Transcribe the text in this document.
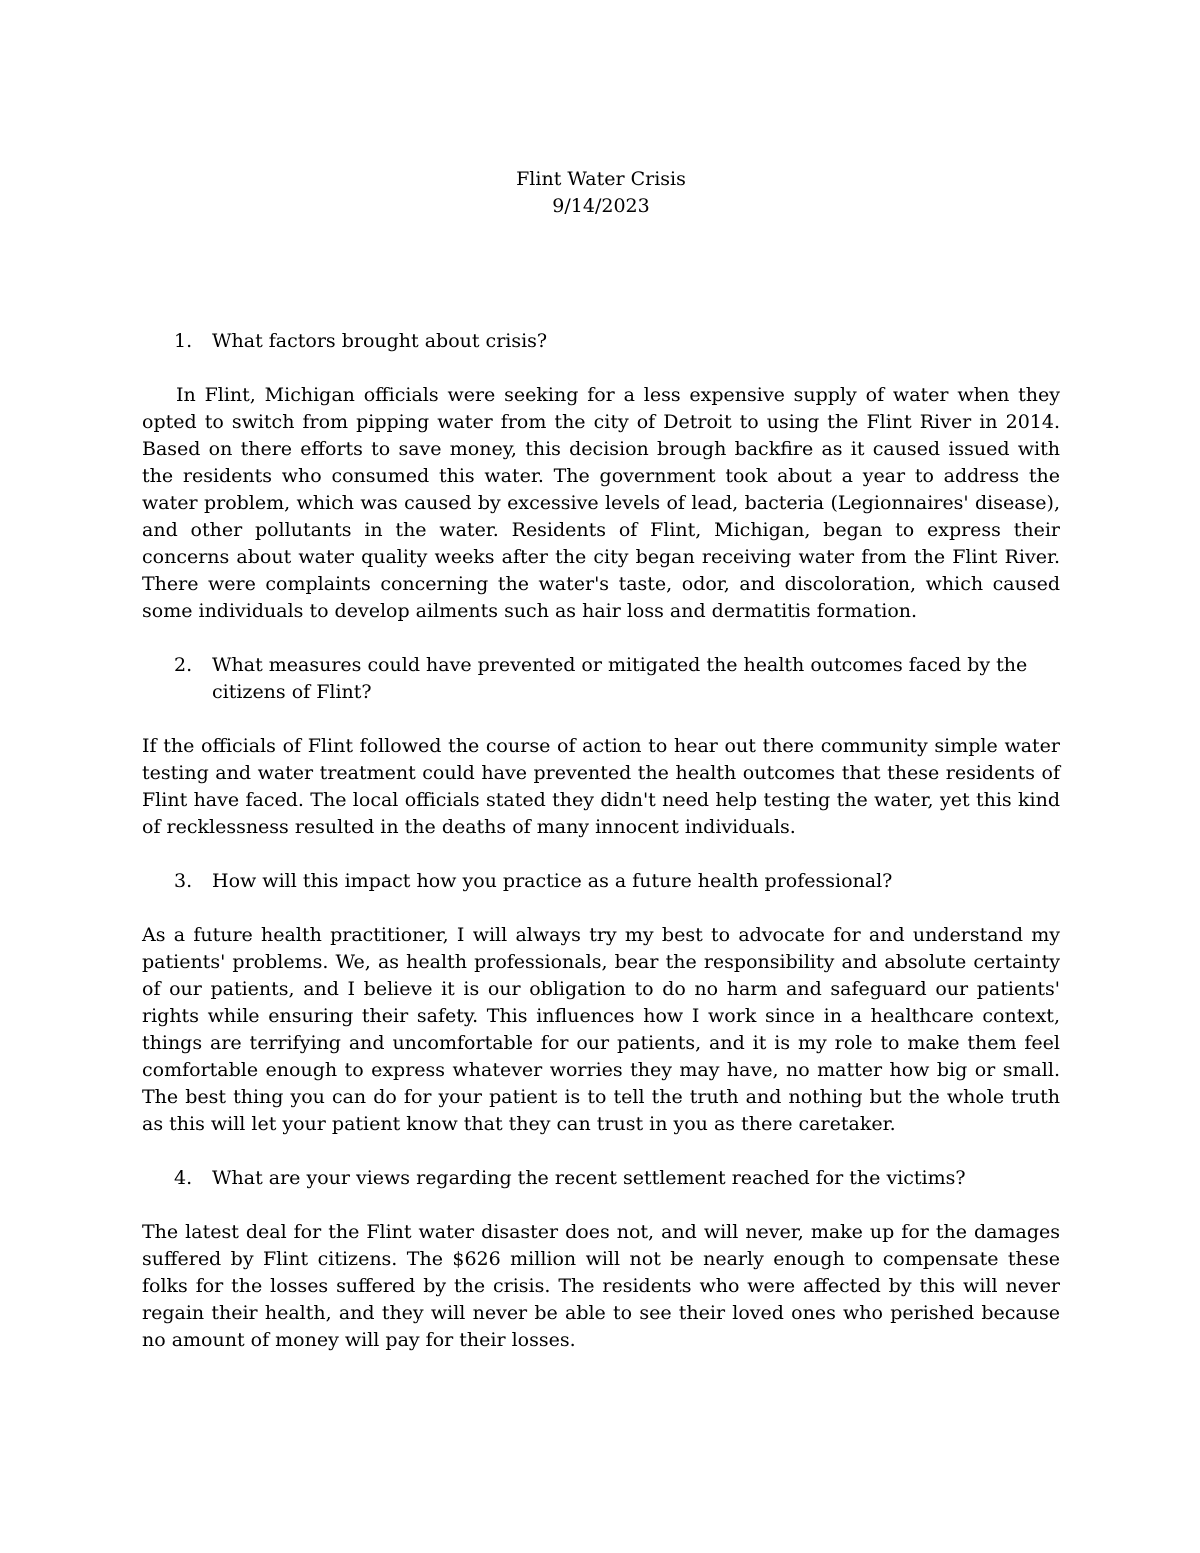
Flint Water Crisis
9/14/2023
1.	What factors brought about crisis?

In Flint, Michigan officials were seeking for a less expensive supply of water when they opted to switch from pipping water from the city of Detroit to using the Flint River in 2014. Based on there efforts to save money, this decision brough backfire as it caused issued with the residents who consumed this water. The government took about a year to address the water problem, which was caused by excessive levels of lead, bacteria (Legionnaires' disease), and other pollutants in the water. Residents of Flint, Michigan, began to express their concerns about water quality weeks after the city began receiving water from the Flint River. There were complaints concerning the water's taste, odor, and discoloration, which caused some individuals to develop ailments such as hair loss and dermatitis formation.

2.	What measures could have prevented or mitigated the health outcomes faced by the citizens of Flint?

If the officials of Flint followed the course of action to hear out there community simple water testing and water treatment could have prevented the health outcomes that these residents of Flint have faced. The local officials stated they didn't need help testing the water, yet this kind of recklessness resulted in the deaths of many innocent individuals.

3.	How will this impact how you practice as a future health professional?

As a future health practitioner, I will always try my best to advocate for and understand my patients' problems. We, as health professionals, bear the responsibility and absolute certainty of our patients, and I believe it is our obligation to do no harm and safeguard our patients' rights while ensuring their safety. This influences how I work since in a healthcare context, things are terrifying and uncomfortable for our patients, and it is my role to make them feel comfortable enough to express whatever worries they may have, no matter how big or small. The best thing you can do for your patient is to tell the truth and nothing but the whole truth as this will let your patient know that they can trust in you as there caretaker.

4.	What are your views regarding the recent settlement reached for the victims?

The latest deal for the Flint water disaster does not, and will never, make up for the damages suffered by Flint citizens. The $626 million will not be nearly enough to compensate these folks for the losses suffered by the crisis. The residents who were affected by this will never regain their health, and they will never be able to see their loved ones who perished because no amount of money will pay for their losses.
